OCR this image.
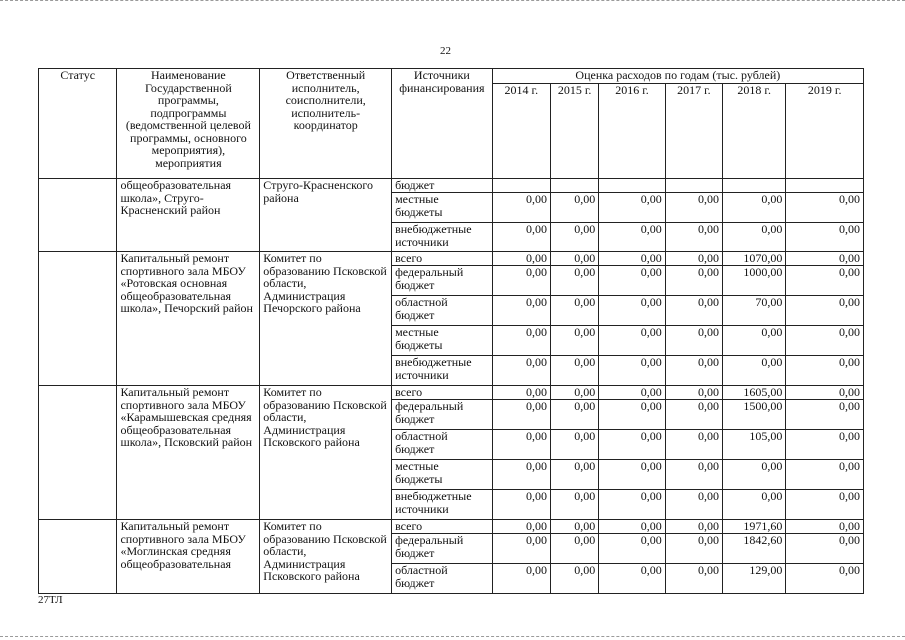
22
Статус	Наименование Государственной программы, подпрограммы (ведомственной целевой программы, основного мероприятия), мероприятия	Ответственный исполнитель, соисполнители, исполнитель-координатор	Источники финансирования	Оценка расходов по годам (тыс. рублей)					
				2014 г.	2015 г.	2016 г.	2017 г.	2018 г.	2019 г.
	общеобразовательная школа», Струго-Красненский район	Струго-Красненского района	бюджет						
			местные бюджеты	0,00	0,00	0,00	0,00	0,00	0,00
			внебюджетные источники	0,00	0,00	0,00	0,00	0,00	0,00
	Капитальный ремонт спортивного зала МБОУ «Ротовская основная общеобразовательная школа», Печорский район	Комитет по образованию Псковской области, Администрация Печорского района	всего	0,00	0,00	0,00	0,00	1070,00	0,00
			федеральный бюджет	0,00	0,00	0,00	0,00	1000,00	0,00
			областной бюджет	0,00	0,00	0,00	0,00	70,00	0,00
			местные бюджеты	0,00	0,00	0,00	0,00	0,00	0,00
			внебюджетные источники	0,00	0,00	0,00	0,00	0,00	0,00
	Капитальный ремонт спортивного зала МБОУ «Карамышевская средняя общеобразовательная школа», Псковский район	Комитет по образованию Псковской области, Администрация Псковского района	всего	0,00	0,00	0,00	0,00	1605,00	0,00
			федеральный бюджет	0,00	0,00	0,00	0,00	1500,00	0,00
			областной бюджет	0,00	0,00	0,00	0,00	105,00	0,00
			местные бюджеты	0,00	0,00	0,00	0,00	0,00	0,00
			внебюджетные источники	0,00	0,00	0,00	0,00	0,00	0,00
	Капитальный ремонт спортивного зала МБОУ «Моглинская средняя общеобразовательная	Комитет по образованию Псковской области, Администрация Псковского района	всего	0,00	0,00	0,00	0,00	1971,60	0,00
			федеральный бюджет	0,00	0,00	0,00	0,00	1842,60	0,00
			областной бюджет	0,00	0,00	0,00	0,00	129,00	0,00
27ТЛ
